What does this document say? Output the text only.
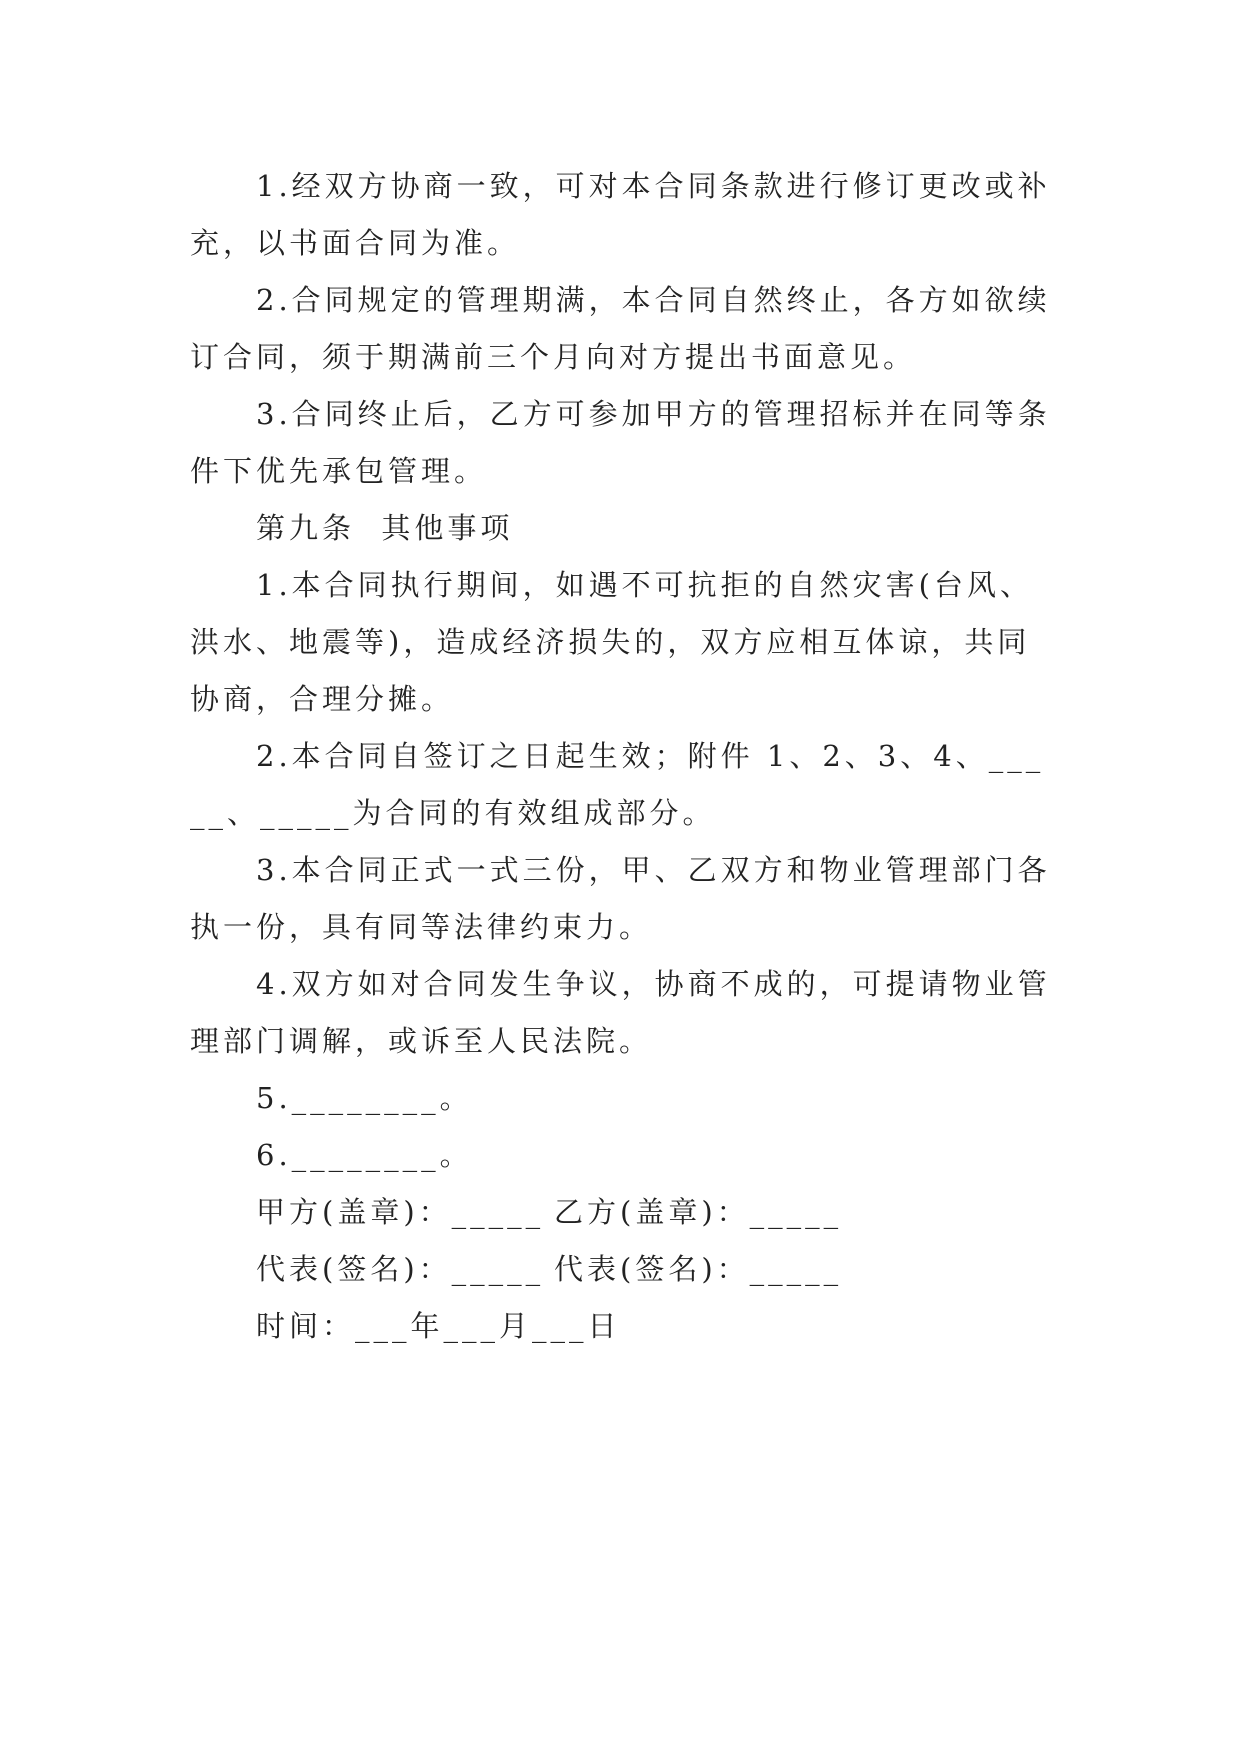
1.经双方协商一致，可对本合同条款进行修订更改或补充，以书面合同为准。

2.合同规定的管理期满，本合同自然终止，各方如欲续订合同，须于期满前三个月向对方提出书面意见。

3.合同终止后，乙方可参加甲方的管理招标并在同等条件下优先承包管理。

第九条  其他事项

1.本合同执行期间，如遇不可抗拒的自然灾害(台风、洪水、地震等)，造成经济损失的，双方应相互体谅，共同协商，合理分摊。

2.本合同自签订之日起生效；附件 1、2、3、4、_____、_____为合同的有效组成部分。

3.本合同正式一式三份，甲、乙双方和物业管理部门各执一份，具有同等法律约束力。

4.双方如对合同发生争议，协商不成的，可提请物业管理部门调解，或诉至人民法院。

5.________。

6.________。

甲方(盖章)：_____ 乙方(盖章)：_____
代表(签名)：_____ 代表(签名)：_____
时间：___年___月___日
